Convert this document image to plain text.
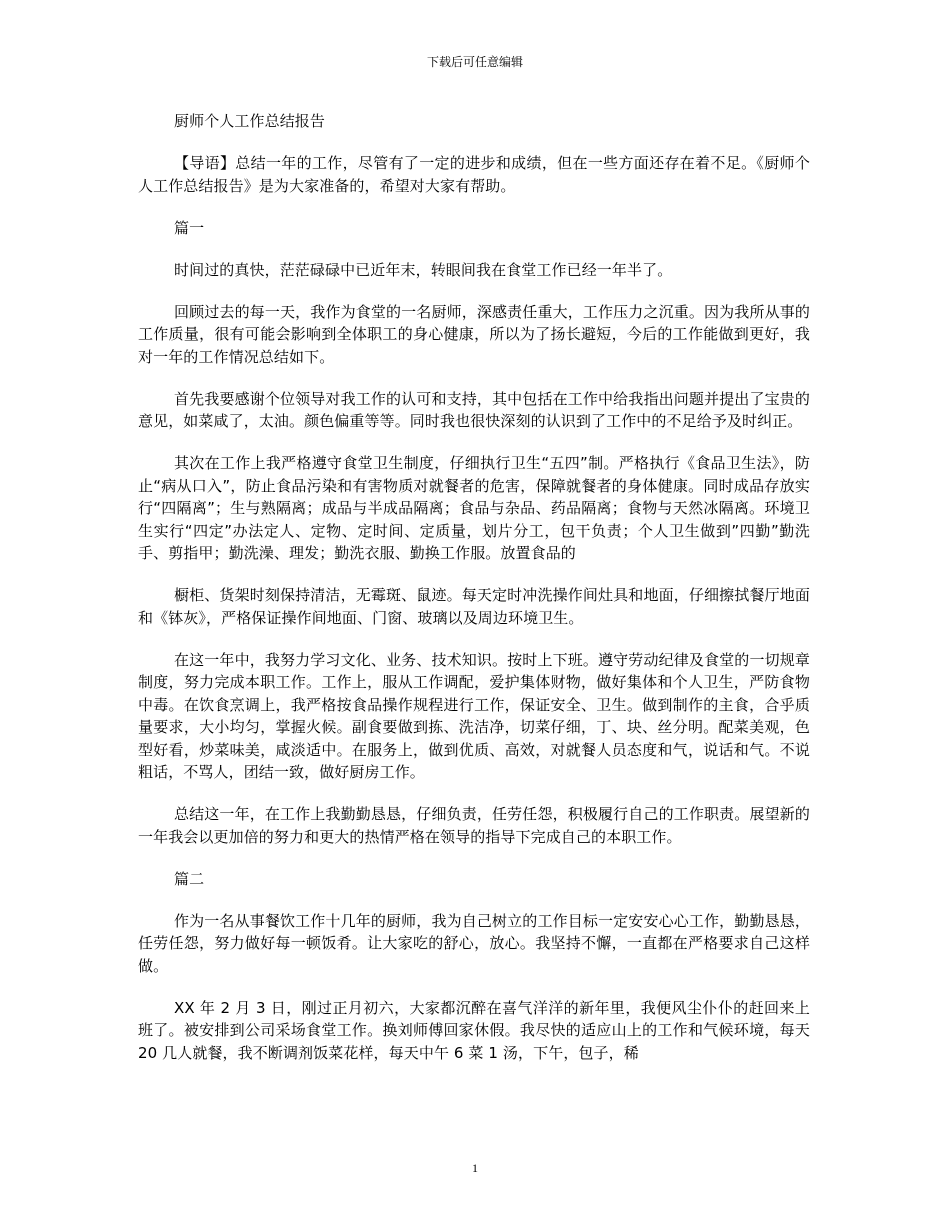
下载后可任意编辑

厨师个人工作总结报告

【导语】总结一年的工作，尽管有了一定的进步和成绩，但在一些方面还存在着不足。《厨师个人工作总结报告》是为大家准备的，希望对大家有帮助。

篇一

时间过的真快，茫茫碌碌中已近年末，转眼间我在食堂工作已经一年半了。

回顾过去的每一天，我作为食堂的一名厨师，深感责任重大，工作压力之沉重。因为我所从事的工作质量，很有可能会影响到全体职工的身心健康，所以为了扬长避短，今后的工作能做到更好，我对一年的工作情况总结如下。

首先我要感谢个位领导对我工作的认可和支持，其中包括在工作中给我指出问题并提出了宝贵的意见，如菜咸了，太油。颜色偏重等等。同时我也很快深刻的认识到了工作中的不足给予及时纠正。

其次在工作上我严格遵守食堂卫生制度，仔细执行卫生“五四”制。严格执行《食品卫生法》，防止“病从口入”，防止食品污染和有害物质对就餐者的危害，保障就餐者的身体健康。同时成品存放实行“四隔离”；生与熟隔离；成品与半成品隔离；食品与杂品、药品隔离；食物与天然冰隔离。环境卫生实行“四定”办法定人、定物、定时间、定质量，划片分工，包干负责；个人卫生做到”四勤”勤洗手、剪指甲；勤洗澡、理发；勤洗衣服、勤换工作服。放置食品的

橱柜、货架时刻保持清洁，无霉斑、鼠迹。每天定时冲洗操作间灶具和地面，仔细擦拭餐厅地面和《钵灰》，严格保证操作间地面、门窗、玻璃以及周边环境卫生。

在这一年中，我努力学习文化、业务、技术知识。按时上下班。遵守劳动纪律及食堂的一切规章制度，努力完成本职工作。工作上，服从工作调配，爱护集体财物，做好集体和个人卫生，严防食物中毒。在饮食烹调上，我严格按食品操作规程进行工作，保证安全、卫生。做到制作的主食，合乎质量要求，大小均匀，掌握火候。副食要做到拣、洗洁净，切菜仔细，丁、块、丝分明。配菜美观，色型好看，炒菜味美，咸淡适中。在服务上，做到优质、高效，对就餐人员态度和气，说话和气。不说粗话，不骂人，团结一致，做好厨房工作。

总结这一年，在工作上我勤勤恳恳，仔细负责，任劳任怨，积极履行自己的工作职责。展望新的一年我会以更加倍的努力和更大的热情严格在领导的指导下完成自己的本职工作。

篇二

作为一名从事餐饮工作十几年的厨师，我为自己树立的工作目标一定安安心心工作，勤勤恳恳，任劳任怨，努力做好每一顿饭肴。让大家吃的舒心，放心。我坚持不懈，一直都在严格要求自己这样做。

XX 年 2 月 3 日，刚过正月初六，大家都沉醉在喜气洋洋的新年里，我便风尘仆仆的赶回来上班了。被安排到公司采场食堂工作。换刘师傅回家休假。我尽快的适应山上的工作和气候环境，每天 20 几人就餐，我不断调剂饭菜花样，每天中午 6 菜 1 汤，下午，包子，稀

1
